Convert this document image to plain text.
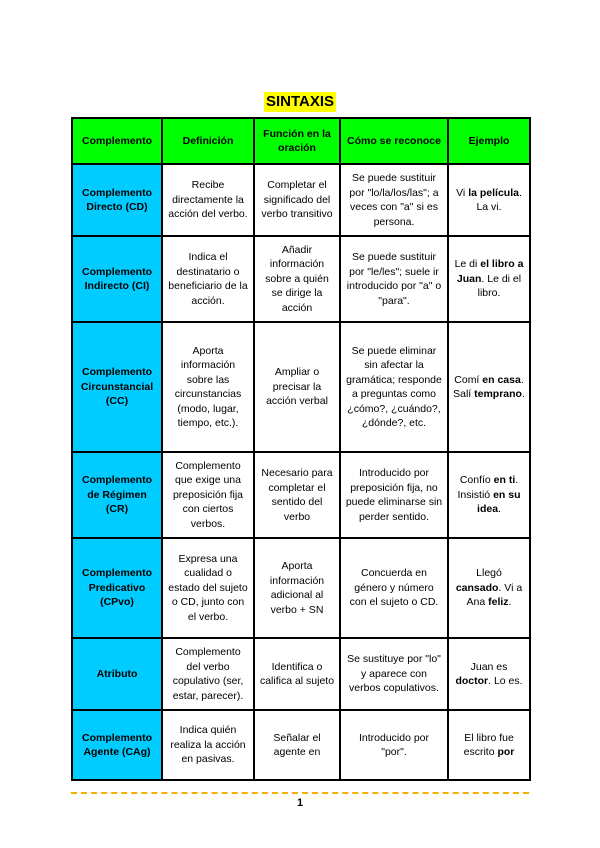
SINTAXIS
Complemento	Definición	Función en la oración	Cómo se reconoce	Ejemplo
Complemento Directo (CD)	Recibe directamente la acción del verbo.	Completar el significado del verbo transitivo	Se puede sustituir por "lo/la/los/las"; a veces con "a" si es persona.	Vi la película. La vi.
Complemento Indirecto (CI)	Indica el destinatario o beneficiario de la acción.	Añadir información sobre a quién se dirige la acción	Se puede sustituir por "le/les"; suele ir introducido por "a" o "para".	Le di el libro a Juan. Le di el libro.
Complemento Circunstancial (CC)	Aporta información sobre las circunstancias (modo, lugar, tiempo, etc.).	Ampliar o precisar la acción verbal	Se puede eliminar sin afectar la gramática; responde a preguntas como ¿cómo?, ¿cuándo?, ¿dónde?, etc.	Comí en casa. Salí temprano.
Complemento de Régimen (CR)	Complemento que exige una preposición fija con ciertos verbos.	Necesario para completar el sentido del verbo	Introducido por preposición fija, no puede eliminarse sin perder sentido.	Confío en ti. Insistió en su idea.
Complemento Predicativo (CPvo)	Expresa una cualidad o estado del sujeto o CD, junto con el verbo.	Aporta información adicional al verbo + SN	Concuerda en género y número con el sujeto o CD.	Llegó cansado. Vi a Ana feliz.
Atributo	Complemento del verbo copulativo (ser, estar, parecer).	Identifica o califica al sujeto	Se sustituye por "lo" y aparece con verbos copulativos.	Juan es doctor. Lo es.
Complemento Agente (CAg)	Indica quién realiza la acción en pasivas.	Señalar el agente en	Introducido por "por".	El libro fue escrito por
1
